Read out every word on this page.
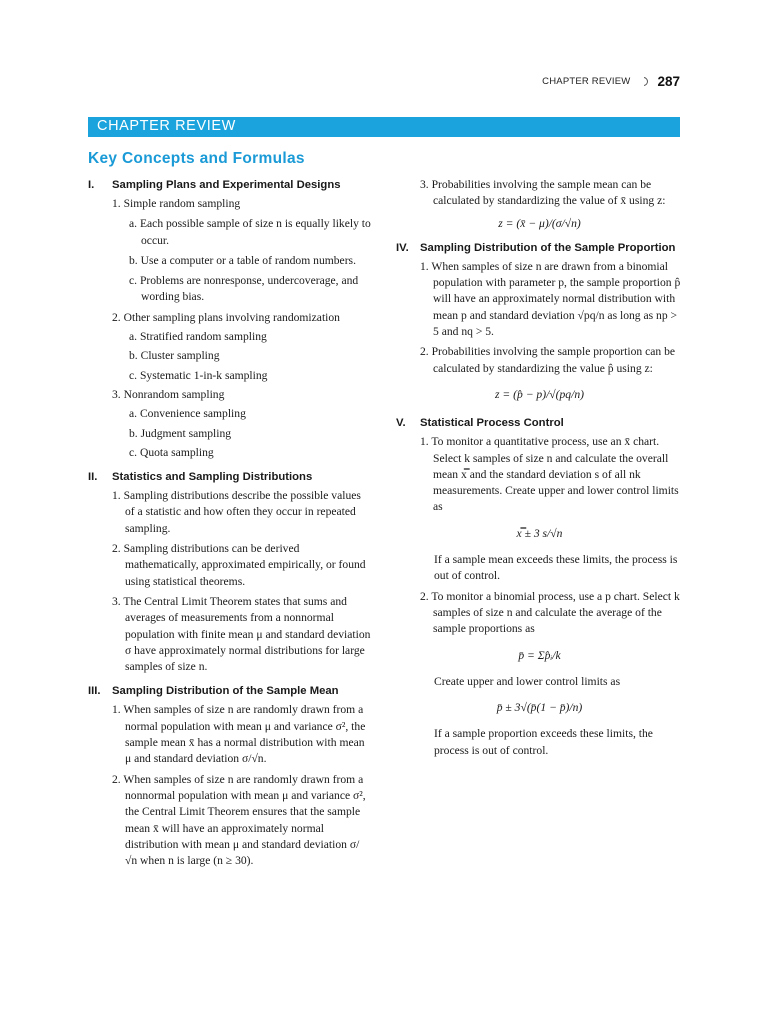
CHAPTER REVIEW 287
CHAPTER REVIEW
Key Concepts and Formulas
I.	Sampling Plans and Experimental Designs

1. Simple random sampling

a. Each possible sample of size n is equally likely to occur.

b. Use a computer or a table of random numbers.

c. Problems are nonresponse, undercoverage, and wording bias.

2. Other sampling plans involving randomization

a. Stratified random sampling

b. Cluster sampling

c. Systematic 1-in-k sampling

3. Nonrandom sampling

a. Convenience sampling

b. Judgment sampling

c. Quota sampling

II.	Statistics and Sampling Distributions

1. Sampling distributions describe the possible values of a statistic and how often they occur in repeated sampling.

2. Sampling distributions can be derived mathematically, approximated empirically, or found using statistical theorems.

3. The Central Limit Theorem states that sums and averages of measurements from a nonnormal population with finite mean μ and standard deviation σ have approximately normal distributions for large samples of size n.

III.	Sampling Distribution of the Sample Mean

1. When samples of size n are randomly drawn from a normal population with mean μ and variance σ², the sample mean x̄ has a normal distribution with mean μ and standard deviation σ/√n.

2. When samples of size n are randomly drawn from a nonnormal population with mean μ and variance σ², the Central Limit Theorem ensures that the sample mean x̄ will have an approximately normal distribution with mean μ and standard deviation σ/√n when n is large (n ≥ 30).

3. Probabilities involving the sample mean can be calculated by standardizing the value of x̄ using z:

z = (x̄ − μ)/(σ/√n)
IV. Sampling Distribution of the Sample Proportion

1. When samples of size n are drawn from a binomial population with parameter p, the sample proportion p̂ will have an approximately normal distribution with mean p and standard deviation √pq/n as long as np > 5 and nq > 5.

2. Probabilities involving the sample proportion can be calculated by standardizing the value p̂ using z:

z = (p̂ − p)/√(pq/n)
V.	Statistical Process Control

1. To monitor a quantitative process, use an x̄ chart. Select k samples of size n and calculate the overall mean x̿ and the standard deviation s of all nk measurements. Create upper and lower control limits as

x̿ ± 3 s/√n

If a sample mean exceeds these limits, the process is out of control.

2. To monitor a binomial process, use a p chart. Select k samples of size n and calculate the average of the sample proportions as

p̄ = Σp̂ᵢ/k

Create upper and lower control limits as

p̄ ± 3√(p̄(1 − p̄)/n)

If a sample proportion exceeds these limits, the process is out of control.
